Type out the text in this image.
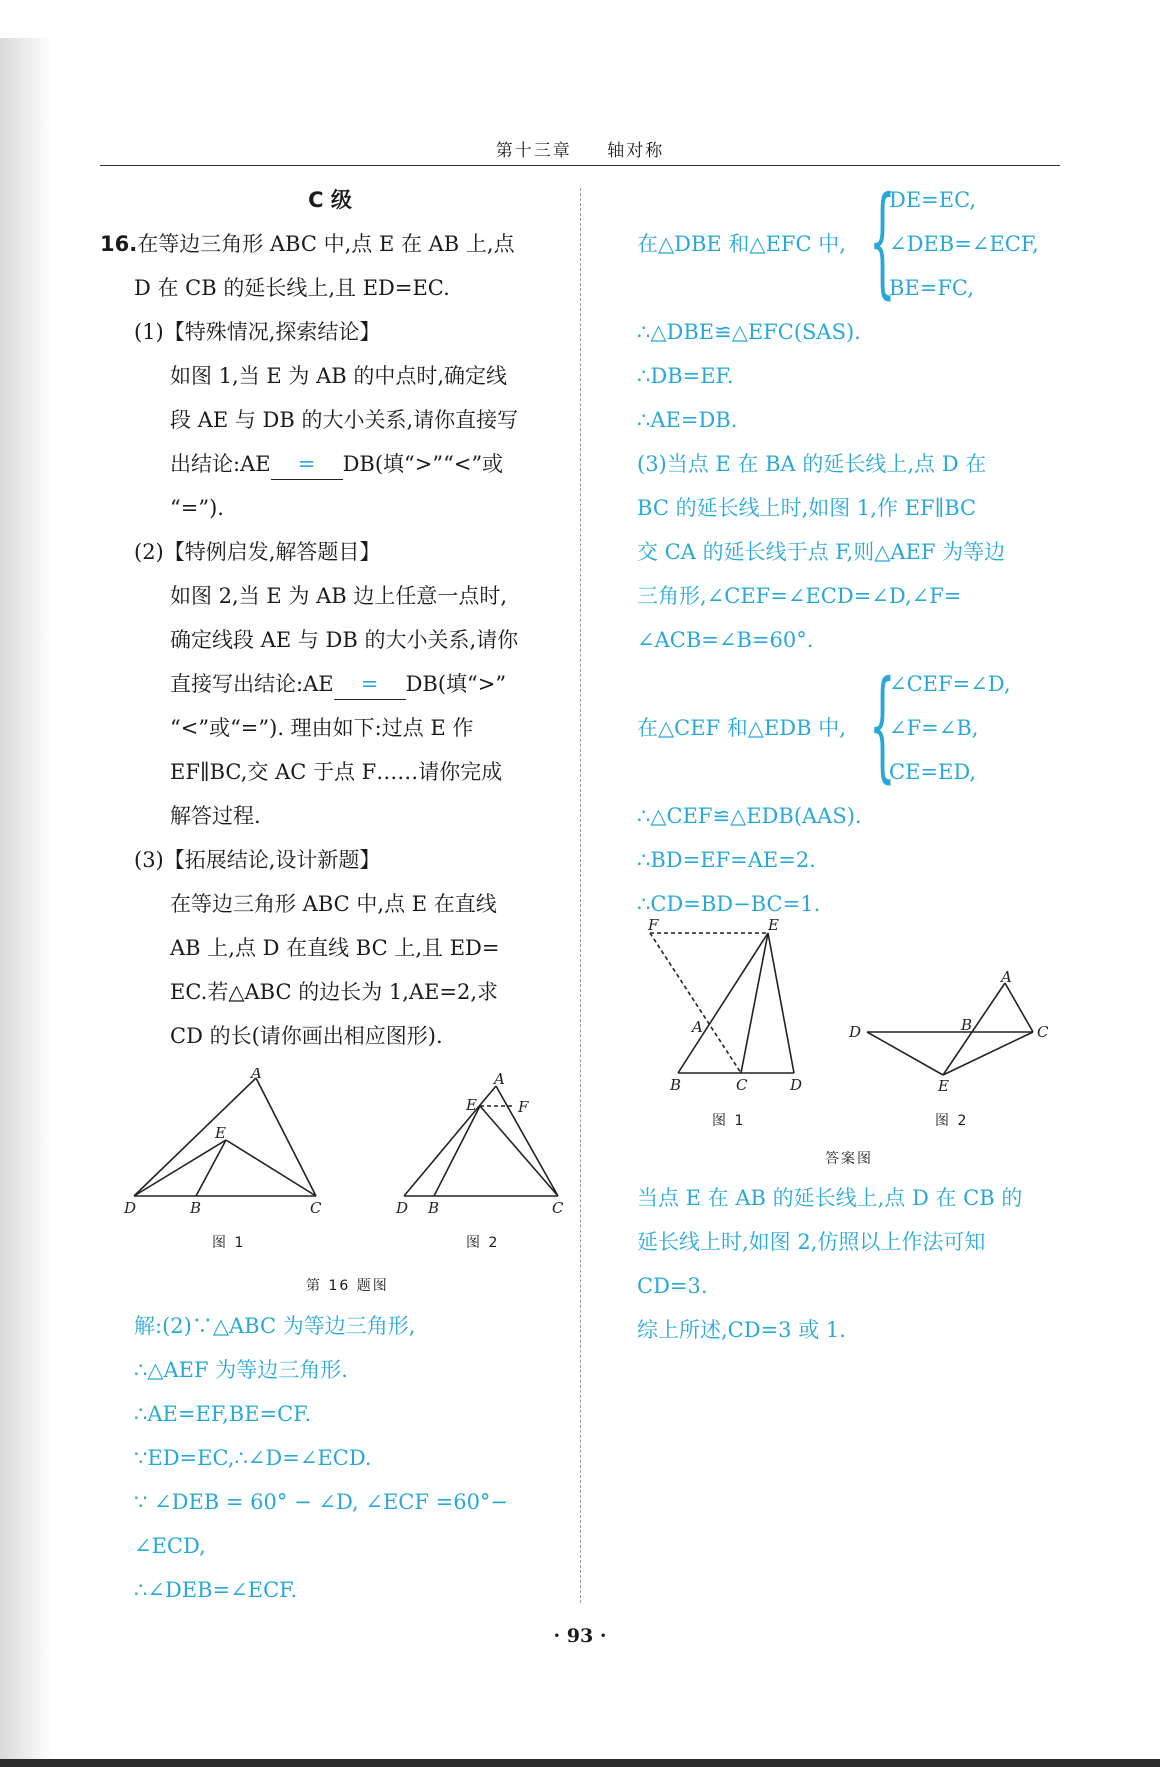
第十三章 轴对称

C 级

16.在等边三角形 ABC 中,点 E 在 AB 上,点

D 在 CB 的延长线上,且 ED=EC.

(1)【特殊情况,探索结论】

如图 1,当 E 为 AB 的中点时,确定线

段 AE 与 DB 的大小关系,请你直接写

出结论:AE = DB(填“>”“<”或

“=”).

(2)【特例启发,解答题目】

如图 2,当 E 为 AB 边上任意一点时,

确定线段 AE 与 DB 的大小关系,请你

直接写出结论:AE = DB(填“>”

“<”或“=”). 理由如下:过点 E 作

EF∥BC,交 AC 于点 F……请你完成

解答过程.

(3)【拓展结论,设计新题】

在等边三角形 ABC 中,点 E 在直线

AB 上,点 D 在直线 BC 上,且 ED=

EC.若△ABC 的边长为 1,AE=2,求

CD 的长(请你画出相应图形).

A
E
D	B	C
图 1
A
E	F
D B	C
图 2
第 16 题图

解:(2)∵△ABC 为等边三角形,

∴△AEF 为等边三角形.

∴AE=EF,BE=CF.

∵ED=EC,∴∠D=∠ECD.

∵ ∠DEB = 60° − ∠D, ∠ECF =60°−

∠ECD,

∴∠DEB=∠ECF.

在△DBE 和△EFC 中, {

DE=EC,

∠DEB=∠ECF,

BE=FC,

∴△DBE≌△EFC(SAS).

∴DB=EF.

∴AE=DB.

(3)当点 E 在 BA 的延长线上,点 D 在

BC 的延长线上时,如图 1,作 EF∥BC

交 CA 的延长线于点 F,则△AEF 为等边

三角形,∠CEF=∠ECD=∠D,∠F=

∠ACB=∠B=60°.

在△CEF 和△EDB 中, {

∠CEF=∠D,

∠F=∠B,

CE=ED,

∴△CEF≌△EDB(AAS).

∴BD=EF=AE=2.

∴CD=BD−BC=1.

F	E
A
B	C	D
图 1
A
B	C
D
E
图 2
答案图

当点 E 在 AB 的延长线上,点 D 在 CB 的

延长线上时,如图 2,仿照以上作法可知

CD=3.

综上所述,CD=3 或 1.

· 93 ·
